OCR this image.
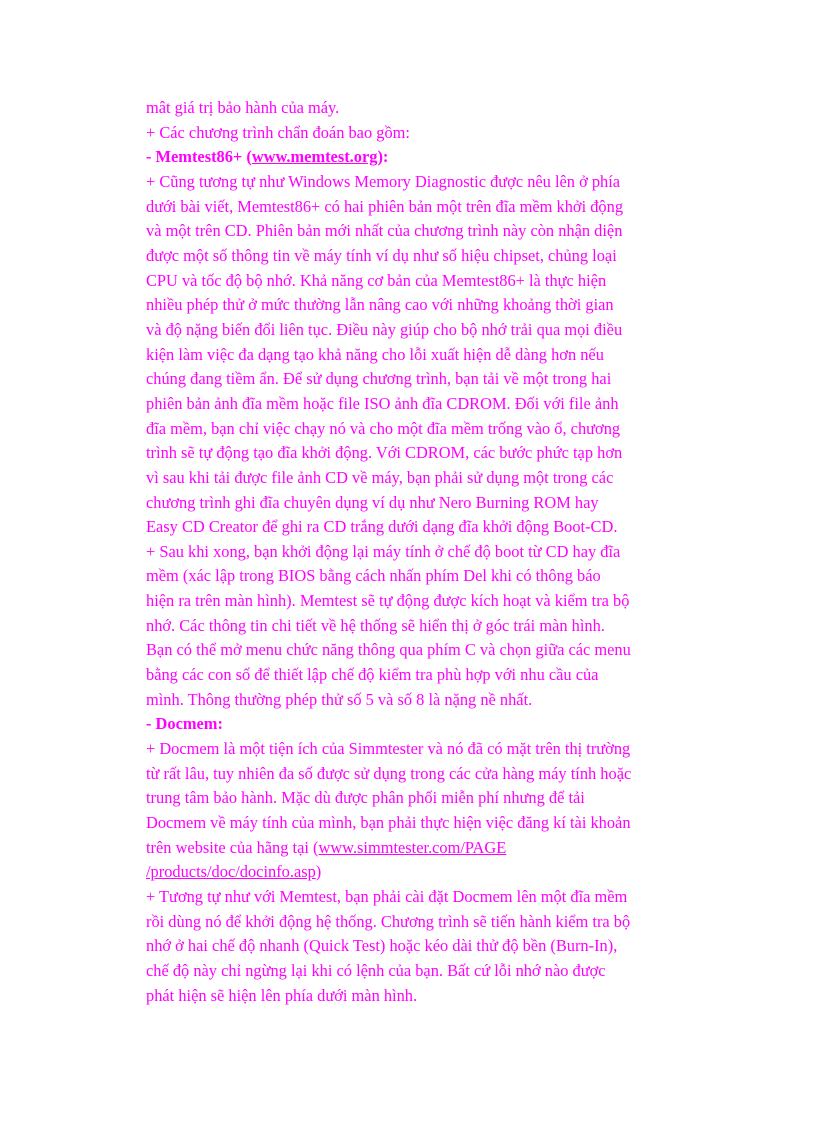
mât giá trị bảo hành của máy.
+ Các chương trình chẩn đoán bao gồm:
- Memtest86+ (www.memtest.org):
+ Cũng tương tự như Windows Memory Diagnostic được nêu lên ở phía
dưới bài viết, Memtest86+ có hai phiên bản một trên đĩa mềm khởi động
và một trên CD. Phiên bản mới nhất của chương trình này còn nhận diện
được một số thông tin về máy tính ví dụ như số hiệu chipset, chủng loại
CPU và tốc độ bộ nhớ. Khả năng cơ bản của Memtest86+ là thực hiện
nhiều phép thử ở mức thường lẫn nâng cao với những khoảng thời gian
và độ nặng biến đổi liên tục. Điều này giúp cho bộ nhớ trải qua mọi điều
kiện làm việc đa dạng tạo khả năng cho lỗi xuất hiện dễ dàng hơn nếu
chúng đang tiềm ẩn. Để sử dụng chương trình, bạn tải về một trong hai
phiên bản ảnh đĩa mềm hoặc file ISO ảnh đĩa CDROM. Đối với file ảnh
đĩa mềm, bạn chỉ việc chạy nó và cho một đĩa mềm trống vào ổ, chương
trình sẽ tự động tạo đĩa khởi động. Với CDROM, các bước phức tạp hơn
vì sau khi tải được file ảnh CD về máy, bạn phải sử dụng một trong các
chương trình ghi đĩa chuyên dụng ví dụ như Nero Burning ROM hay
Easy CD Creator để ghi ra CD trắng dưới dạng đĩa khởi động Boot-CD.
+ Sau khi xong, bạn khởi động lại máy tính ở chế độ boot từ CD hay đĩa
mềm (xác lập trong BIOS bằng cách nhấn phím Del khi có thông báo
hiện ra trên màn hình). Memtest sẽ tự động được kích hoạt và kiểm tra bộ
nhớ. Các thông tin chi tiết về hệ thống sẽ hiển thị ở góc trái màn hình.
Bạn có thể mở menu chức năng thông qua phím C và chọn giữa các menu
bằng các con số để thiết lập chế độ kiểm tra phù hợp với nhu cầu của
mình. Thông thường phép thử số 5 và số 8 là nặng nề nhất.
- Docmem:
+ Docmem là một tiện ích của Simmtester và nó đã có mặt trên thị trường
từ rất lâu, tuy nhiên đa số được sử dụng trong các cửa hàng máy tính hoặc
trung tâm bảo hành. Mặc dù được phân phối miễn phí nhưng để tải
Docmem về máy tính của mình, bạn phải thực hiện việc đăng kí tài khoản
trên website của hãng tại (www.simmtester.com/PAGE
/products/doc/docinfo.asp)
+ Tương tự như với Memtest, bạn phải cài đặt Docmem lên một đĩa mềm
rồi dùng nó để khởi động hệ thống. Chương trình sẽ tiến hành kiểm tra bộ
nhớ ở hai chế độ nhanh (Quick Test) hoặc kéo dài thử độ bền (Burn-In),
chế độ này chỉ ngừng lại khi có lệnh của bạn. Bất cứ lỗi nhớ nào được
phát hiện sẽ hiện lên phía dưới màn hình.
